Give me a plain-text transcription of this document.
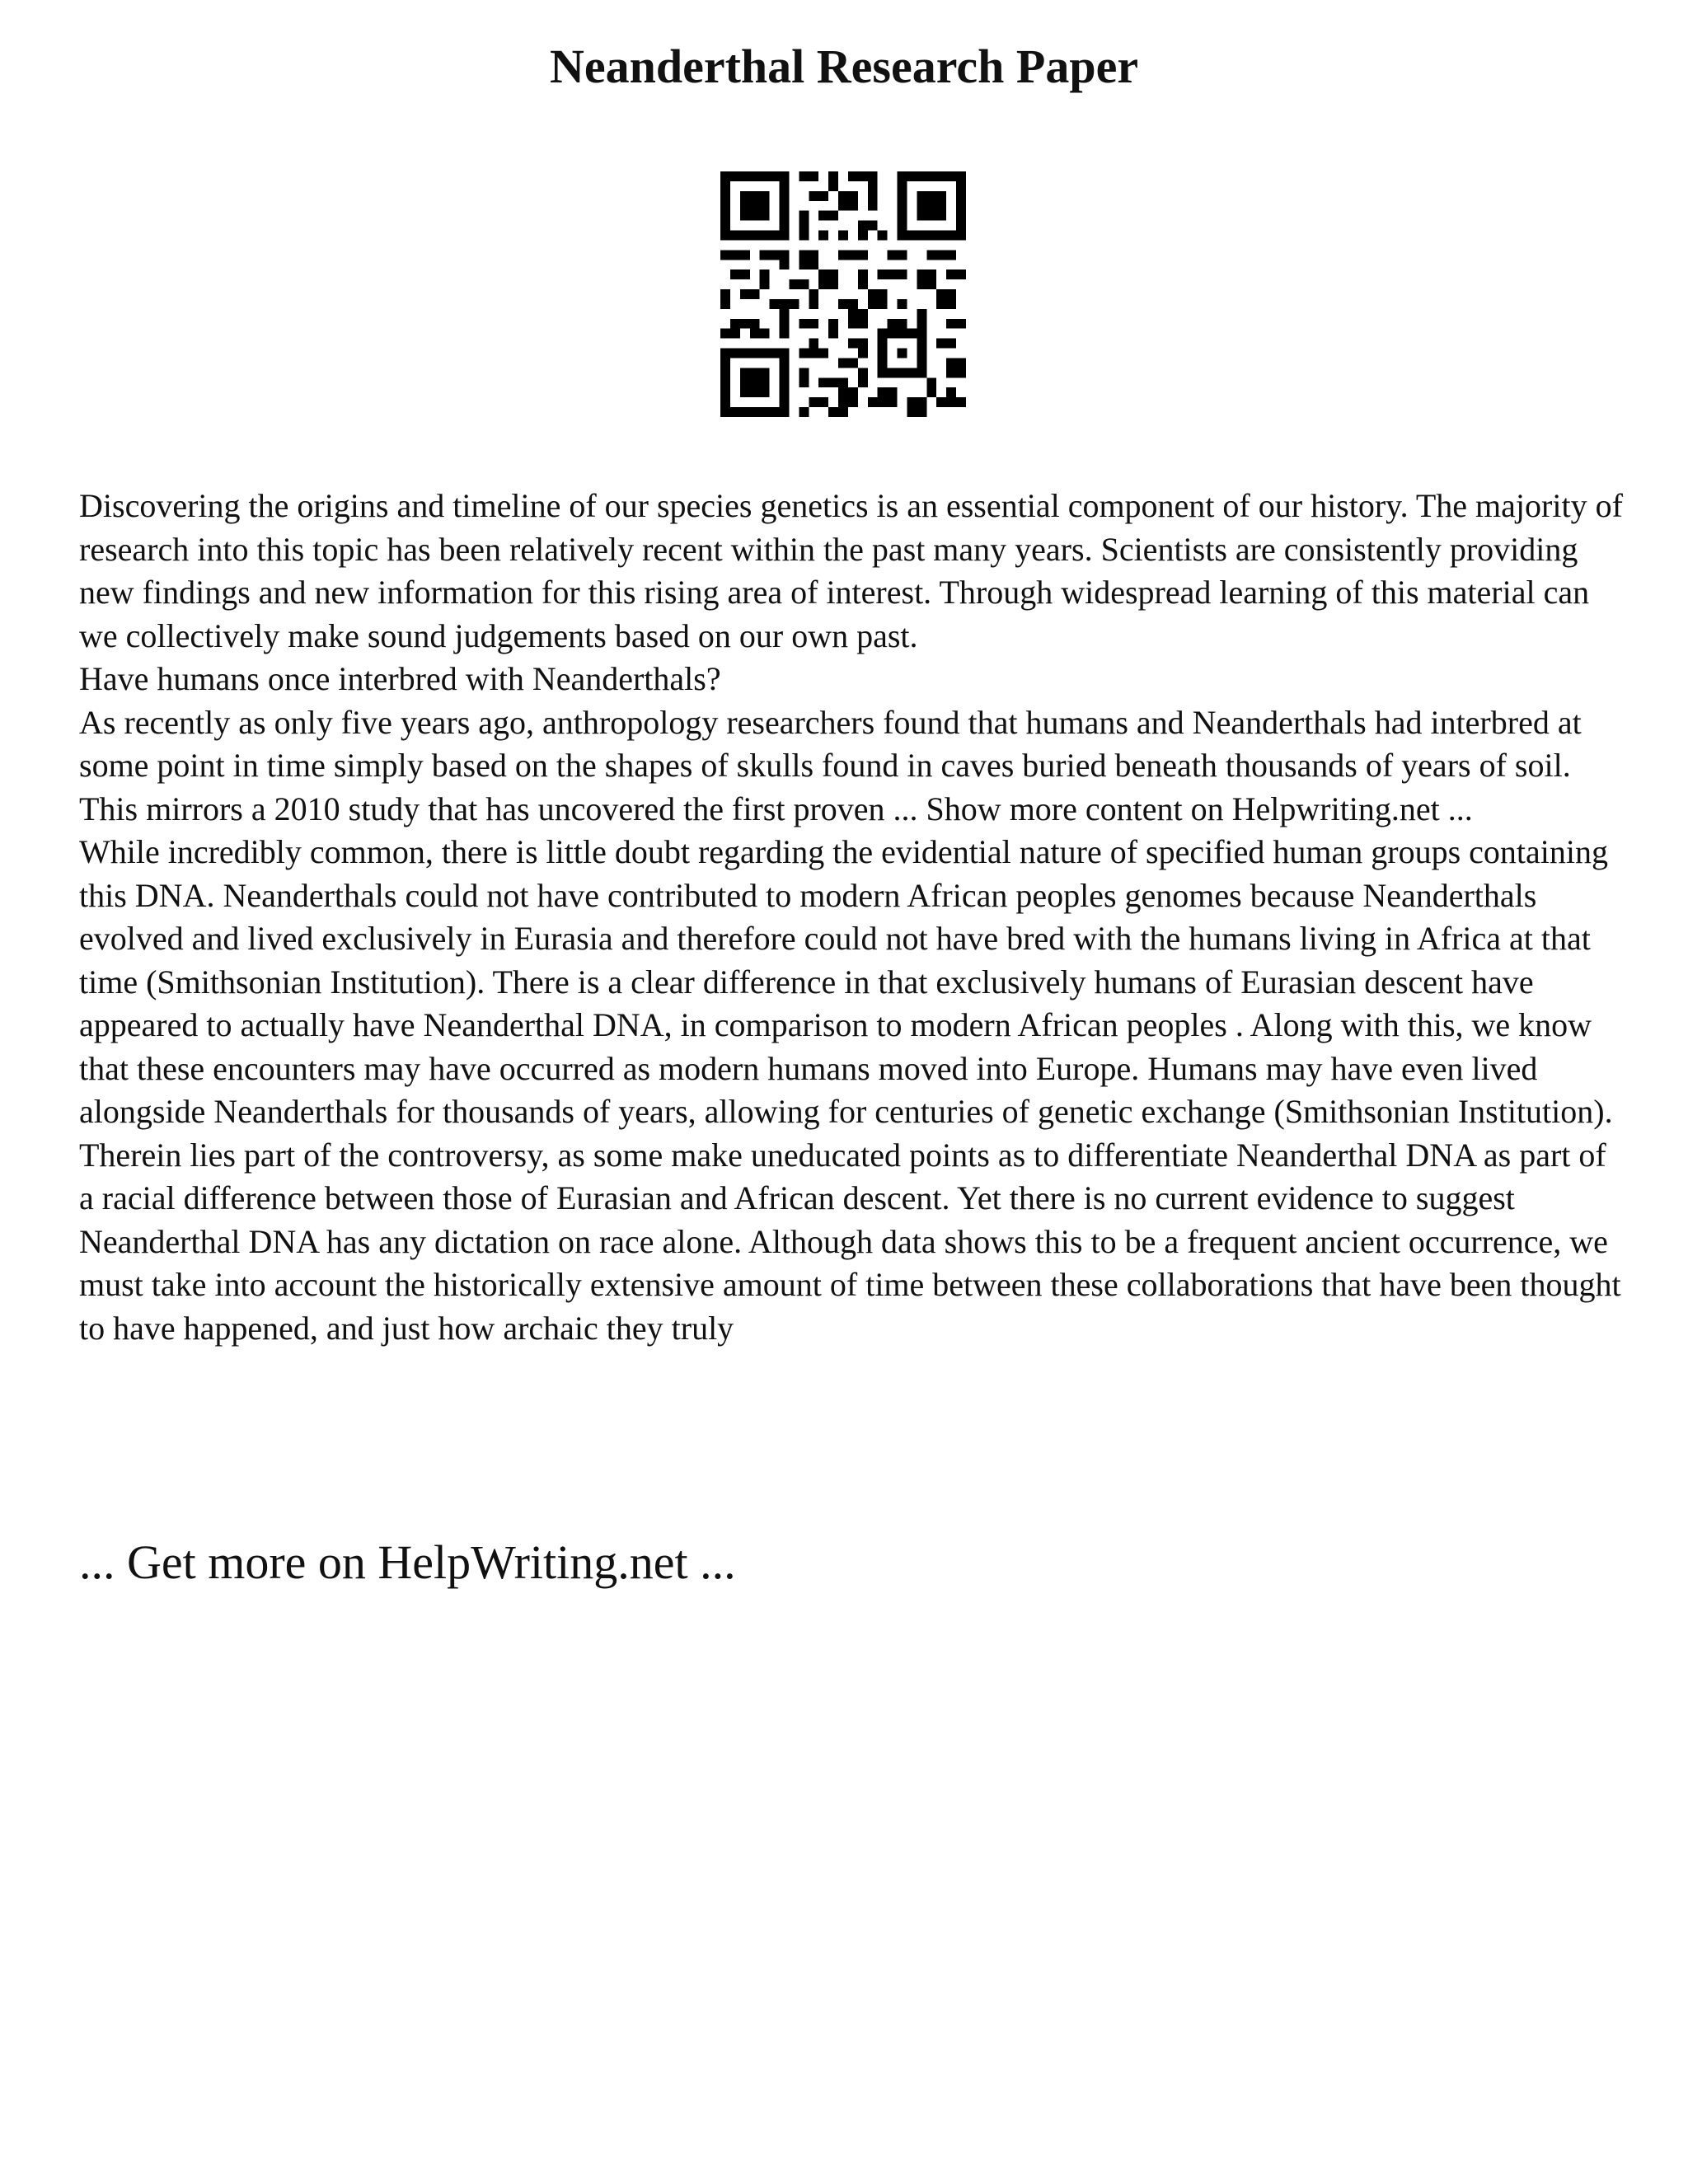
Neanderthal Research Paper

Discovering the origins and timeline of our species genetics is an essential component of our history. The majority of research into this topic has been relatively recent within the past many years. Scientists are consistently providing new findings and new information for this rising area of interest. Through widespread learning of this material can we collectively make sound judgements based on our own past.

Have humans once interbred with Neanderthals?

As recently as only five years ago, anthropology researchers found that humans and Neanderthals had interbred at some point in time simply based on the shapes of skulls found in caves buried beneath thousands of years of soil. This mirrors a 2010 study that has uncovered the first proven ... Show more content on Helpwriting.net ...

While incredibly common, there is little doubt regarding the evidential nature of specified human groups containing this DNA. Neanderthals could not have contributed to modern African peoples genomes because Neanderthals evolved and lived exclusively in Eurasia and therefore could not have bred with the humans living in Africa at that time (Smithsonian Institution). There is a clear difference in that exclusively humans of Eurasian descent have appeared to actually have Neanderthal DNA, in comparison to modern African peoples . Along with this, we know that these encounters may have occurred as modern humans moved into Europe. Humans may have even lived alongside Neanderthals for thousands of years, allowing for centuries of genetic exchange (Smithsonian Institution). Therein lies part of the controversy, as some make uneducated points as to differentiate Neanderthal DNA as part of a racial difference between those of Eurasian and African descent. Yet there is no current evidence to suggest Neanderthal DNA has any dictation on race alone. Although data shows this to be a frequent ancient occurrence, we must take into account the historically extensive amount of time between these collaborations that have been thought to have happened, and just how archaic they truly

... Get more on HelpWriting.net ...
